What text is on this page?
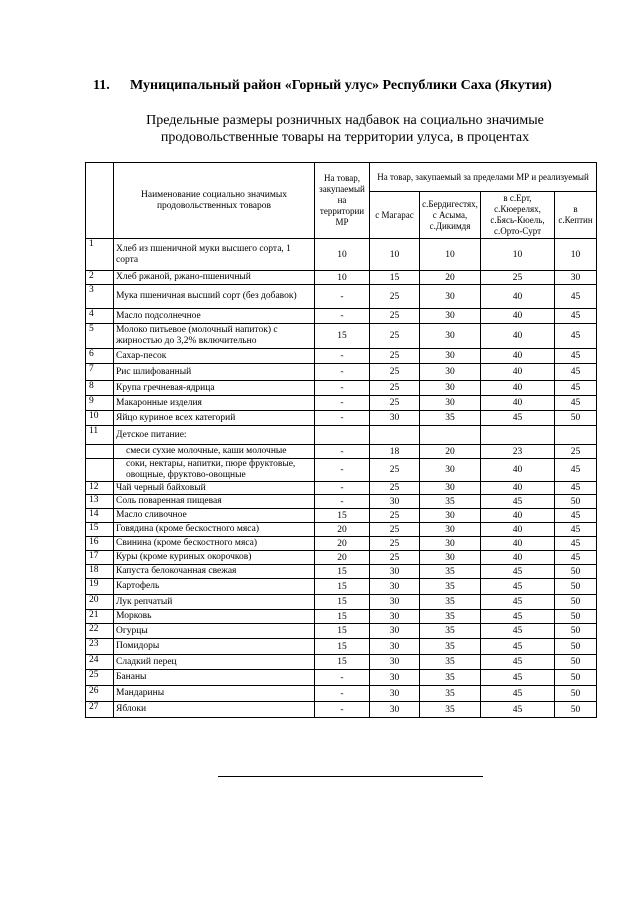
11. Муниципальный район «Горный улус» Республики Саха (Якутия)
Предельные размеры розничных надбавок на социально значимые
продовольственные товары на территории улуса, в процентах
	Наименование социально значимых продовольственных товаров	На товар, закупаемый на территории МР	На товар, закупаемый за пределами МР и реализуемый			
			с Магарас	с.Бердигестях, с Асыма, с.Дикимдя	в с.Ерт, с.Кюерелях, с.Бясь-Кюель, с.Орто-Сурт	в с.Кептин
1	Хлеб из пшеничной муки высшего сорта, 1 сорта	10	10	10	10	10
2	Хлеб ржаной, ржано-пшеничный	10	15	20	25	30
3	Мука пшеничная высший сорт (без добавок)	-	25	30	40	45
4	Масло подсолнечное	-	25	30	40	45
5	Молоко питьевое (молочный напиток) с жирностью до 3,2% включительно	15	25	30	40	45
6	Сахар-песок	-	25	30	40	45
7	Рис шлифованный	-	25	30	40	45
8	Крупа гречневая-ядрица	-	25	30	40	45
9	Макаронные изделия	-	25	30	40	45
10	Яйцо куриное всех категорий	-	30	35	45	50
11	Детское питание:					
	смеси сухие молочные, каши молочные	-	18	20	23	25
	соки, нектары, напитки, пюре фруктовые, овощные, фруктово-овощные	-	25	30	40	45
12	Чай черный байховый	-	25	30	40	45
13	Соль поваренная пищевая	-	30	35	45	50
14	Масло сливочное	15	25	30	40	45
15	Говядина (кроме бескостного мяса)	20	25	30	40	45
16	Свинина (кроме бескостного мяса)	20	25	30	40	45
17	Куры (кроме куриных окорочков)	20	25	30	40	45
18	Капуста белокочанная свежая	15	30	35	45	50
19	Картофель	15	30	35	45	50
20	Лук репчатый	15	30	35	45	50
21	Морковь	15	30	35	45	50
22	Огурцы	15	30	35	45	50
23	Помидоры	15	30	35	45	50
24	Сладкий перец	15	30	35	45	50
25	Бананы	-	30	35	45	50
26	Мандарины	-	30	35	45	50
27	Яблоки	-	30	35	45	50
